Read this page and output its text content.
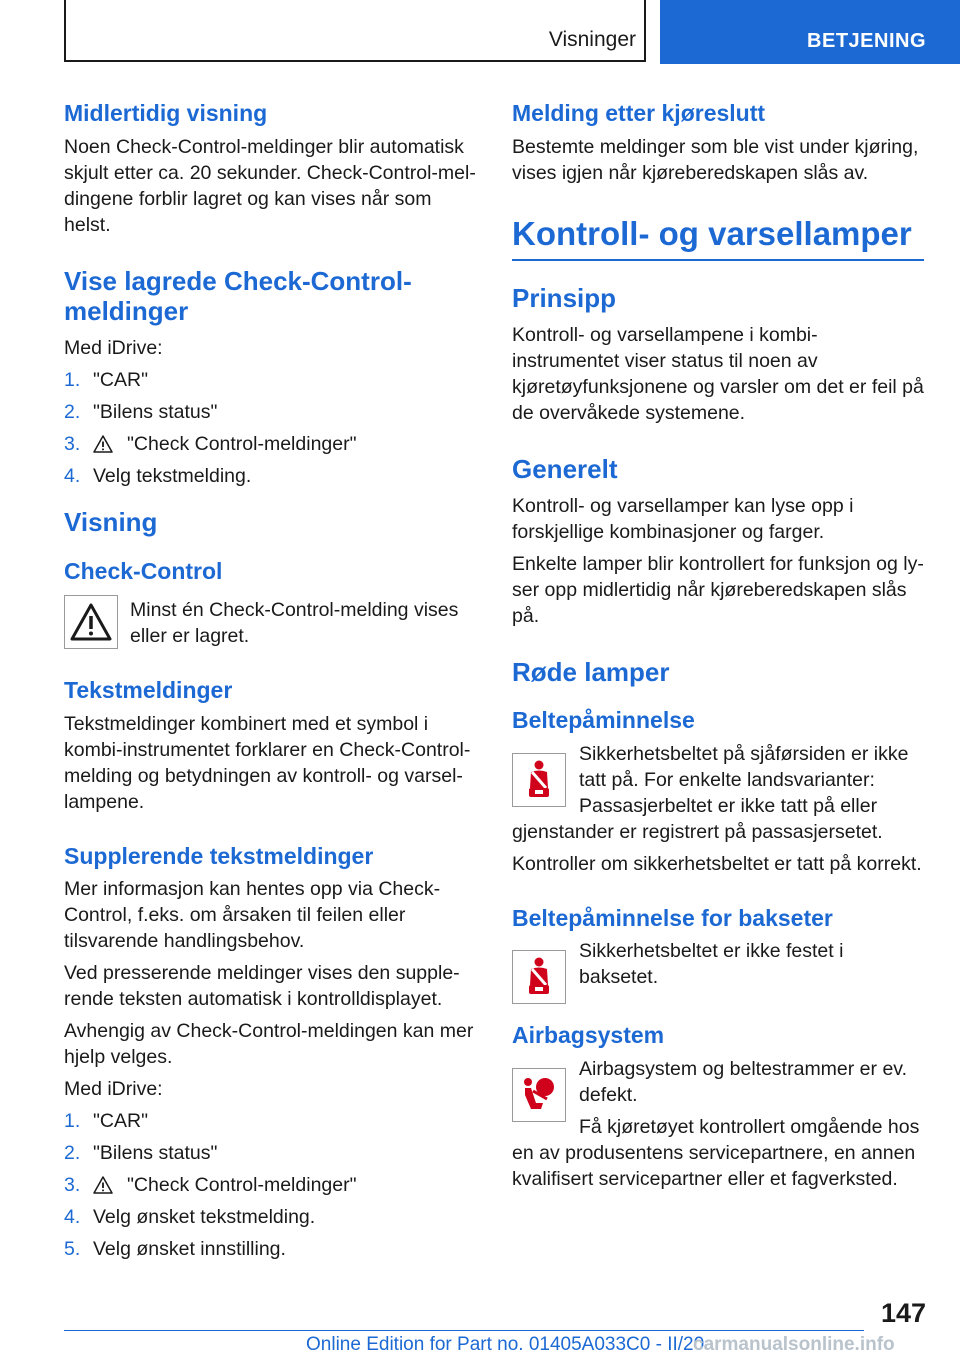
Visninger	BETJENING
Midlertidig visning
Noen Check-Control-meldinger blir automatisk skjult etter ca. 20 sekunder. Check-Control-meldingene forblir lagret og kan vises når som helst.
Vise lagrede Check-Control-meldinger
Med iDrive:
1. "CAR"
2. "Bilens status"
3.	"Check Control-meldinger"
4. Velg tekstmelding.
Visning
Check-Control
Minst én Check-Control-melding vises eller er lagret.
Tekstmeldinger
Tekstmeldinger kombinert med et symbol i kombi-instrumentet forklarer en Check-Control-melding og betydningen av kontroll- og varsellampene.
Supplerende tekstmeldinger
Mer informasjon kan hentes opp via Check-Control, f.eks. om årsaken til feilen eller tilsvarende handlingsbehov.
Ved presserende meldinger vises den supplerende teksten automatisk i kontrolldisplayet.
Avhengig av Check-Control-meldingen kan mer hjelp velges.
Med iDrive:
1. "CAR"
2. "Bilens status"
3.	"Check Control-meldinger"
4. Velg ønsket tekstmelding.
5. Velg ønsket innstilling.
Melding etter kjøreslutt
Bestemte meldinger som ble vist under kjøring, vises igjen når kjøreberedskapen slås av.
Kontroll- og varsellamper
Prinsipp
Kontroll- og varsellampene i kombi-instrumentet viser status til noen av kjøretøyfunksjonene og varsler om det er feil på de overvåkede systemene.
Generelt
Kontroll- og varsellamper kan lyse opp i forskjellige kombinasjoner og farger.
Enkelte lamper blir kontrollert for funksjon og lyser opp midlertidig når kjøreberedskapen slås på.
Røde lamper
Beltepåminnelse
Sikkerhetsbeltet på sjåførsiden er ikke tatt på. For enkelte landsvarianter: Passasjerbeltet er ikke tatt på eller gjenstander er registrert på passasjersetet.
Kontroller om sikkerhetsbeltet er tatt på korrekt.
Beltepåminnelse for bakseter
Sikkerhetsbeltet er ikke festet i baksetet.
Airbagsystem
Airbagsystem og beltestrammer er ev. defekt.
Få kjøretøyet kontrollert omgående hos en av produsentens servicepartnere, en annen kvalifisert servicepartner eller et fagverksted.
147
Online Edition for Part no. 01405A033C0 - II/20
carmanualsonline.info
